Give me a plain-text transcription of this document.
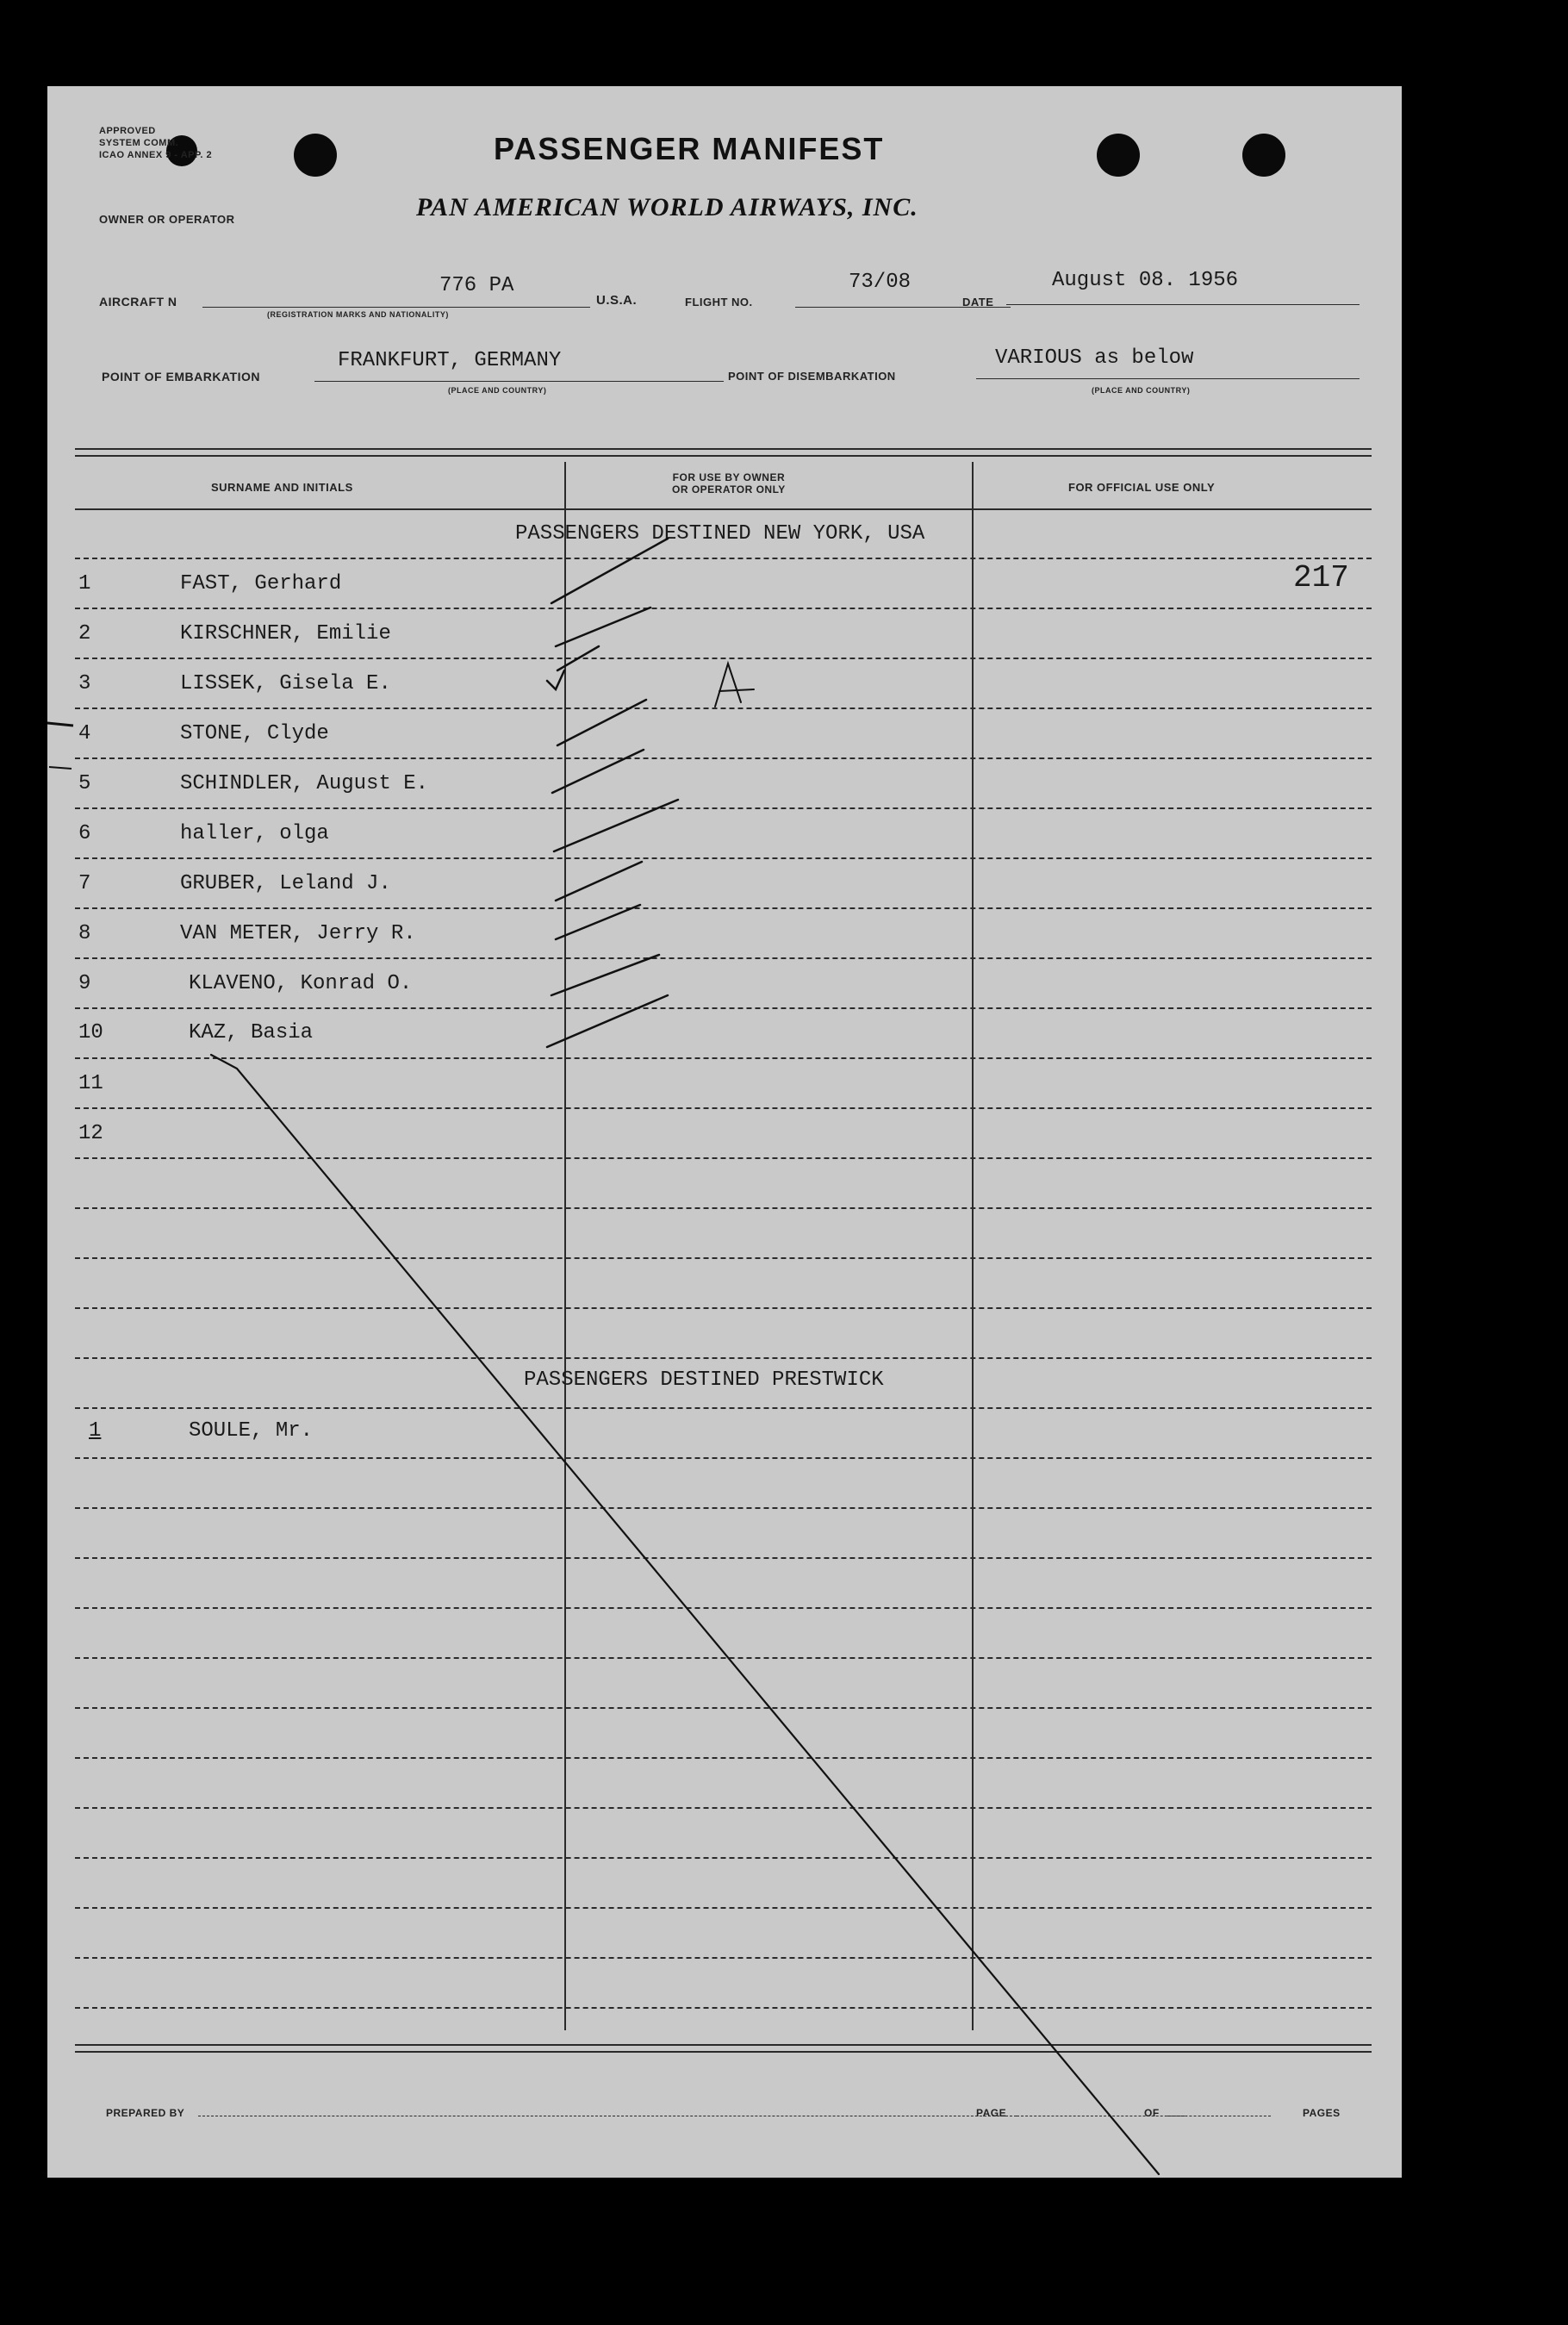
APPROVED
SYSTEM COMM.
ICAO ANNEX 9 - APP. 2	PASSENGER MANIFEST
OWNER OR OPERATOR	PAN AMERICAN WORLD AIRWAYS, INC.
AIRCRAFT N
776 PA
(REGISTRATION MARKS AND NATIONALITY)
U.S.A.	FLIGHT NO.
73/08
DATE
August 08. 1956
POINT OF EMBARKATION
FRANKFURT, GERMANY
(PLACE AND COUNTRY)
POINT OF DISEMBARKATION
VARIOUS as below
(PLACE AND COUNTRY)
SURNAME AND INITIALS
FOR USE BY OWNER
OR OPERATOR ONLY	FOR OFFICIAL USE ONLY
PASSENGERS DESTINED NEW YORK, USA
217
1	FAST, Gerhard
2	KIRSCHNER, Emilie
3	LISSEK, Gisela E.
4	STONE, Clyde
5	SCHINDLER, August E.
6	haller, olga
7	GRUBER, Leland J.
8	VAN METER, Jerry R.
9	KLAVENO, Konrad O.
10	KAZ, Basia
11
12
PASSENGERS DESTINED PRESTWICK
1	SOULE, Mr.
PREPARED BY	PAGE	OF	PAGES
